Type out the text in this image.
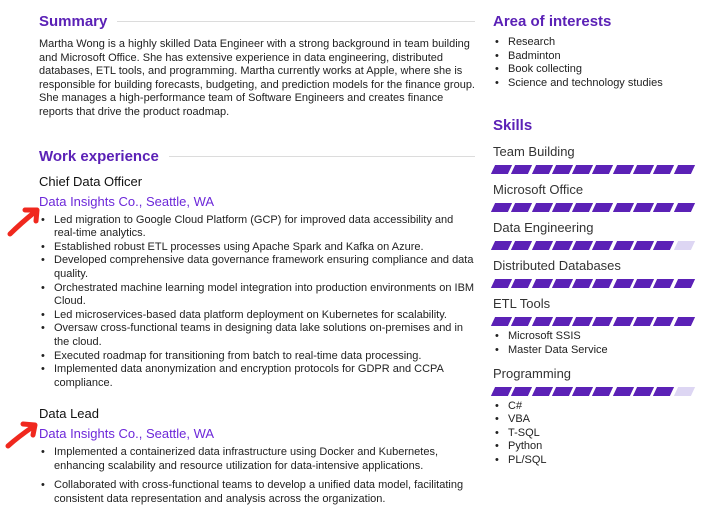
Summary

Martha Wong is a highly skilled Data Engineer with a strong background in team building and Microsoft Office. She has extensive experience in data engineering, distributed databases, ETL tools, and programming. Martha currently works at Apple, where she is responsible for building forecasts, budgeting, and prediction models for the finance group. She manages a high-performance team of Software Engineers and creates finance reports that drive the product roadmap.

Work experience
Chief Data Officer
Data Insights Co., Seattle, WA
• Led migration to Google Cloud Platform (GCP) for improved data accessibility and real-time analytics.
• Established robust ETL processes using Apache Spark and Kafka on Azure.
• Developed comprehensive data governance framework ensuring compliance and data quality.
• Orchestrated machine learning model integration into production environments on IBM Cloud.
• Led microservices-based data platform deployment on Kubernetes for scalability.
• Oversaw cross-functional teams in designing data lake solutions on-premises and in the cloud.
• Executed roadmap for transitioning from batch to real-time data processing.
• Implemented data anonymization and encryption protocols for GDPR and CCPA compliance.
Data Lead
Data Insights Co., Seattle, WA
• Implemented a containerized data infrastructure using Docker and Kubernetes, enhancing scalability and resource utilization for data-intensive applications.
• Collaborated with cross-functional teams to develop a unified data model, facilitating consistent data representation and analysis across the organization.
Area of interests
• Research
• Badminton
• Book collecting
• Science and technology studies
Skills
Team Building
Microsoft Office
Data Engineering
Distributed Databases
ETL Tools
• Microsoft SSIS
• Master Data Service
Programming
• C#
• VBA
• T-SQL
• Python
• PL/SQL
